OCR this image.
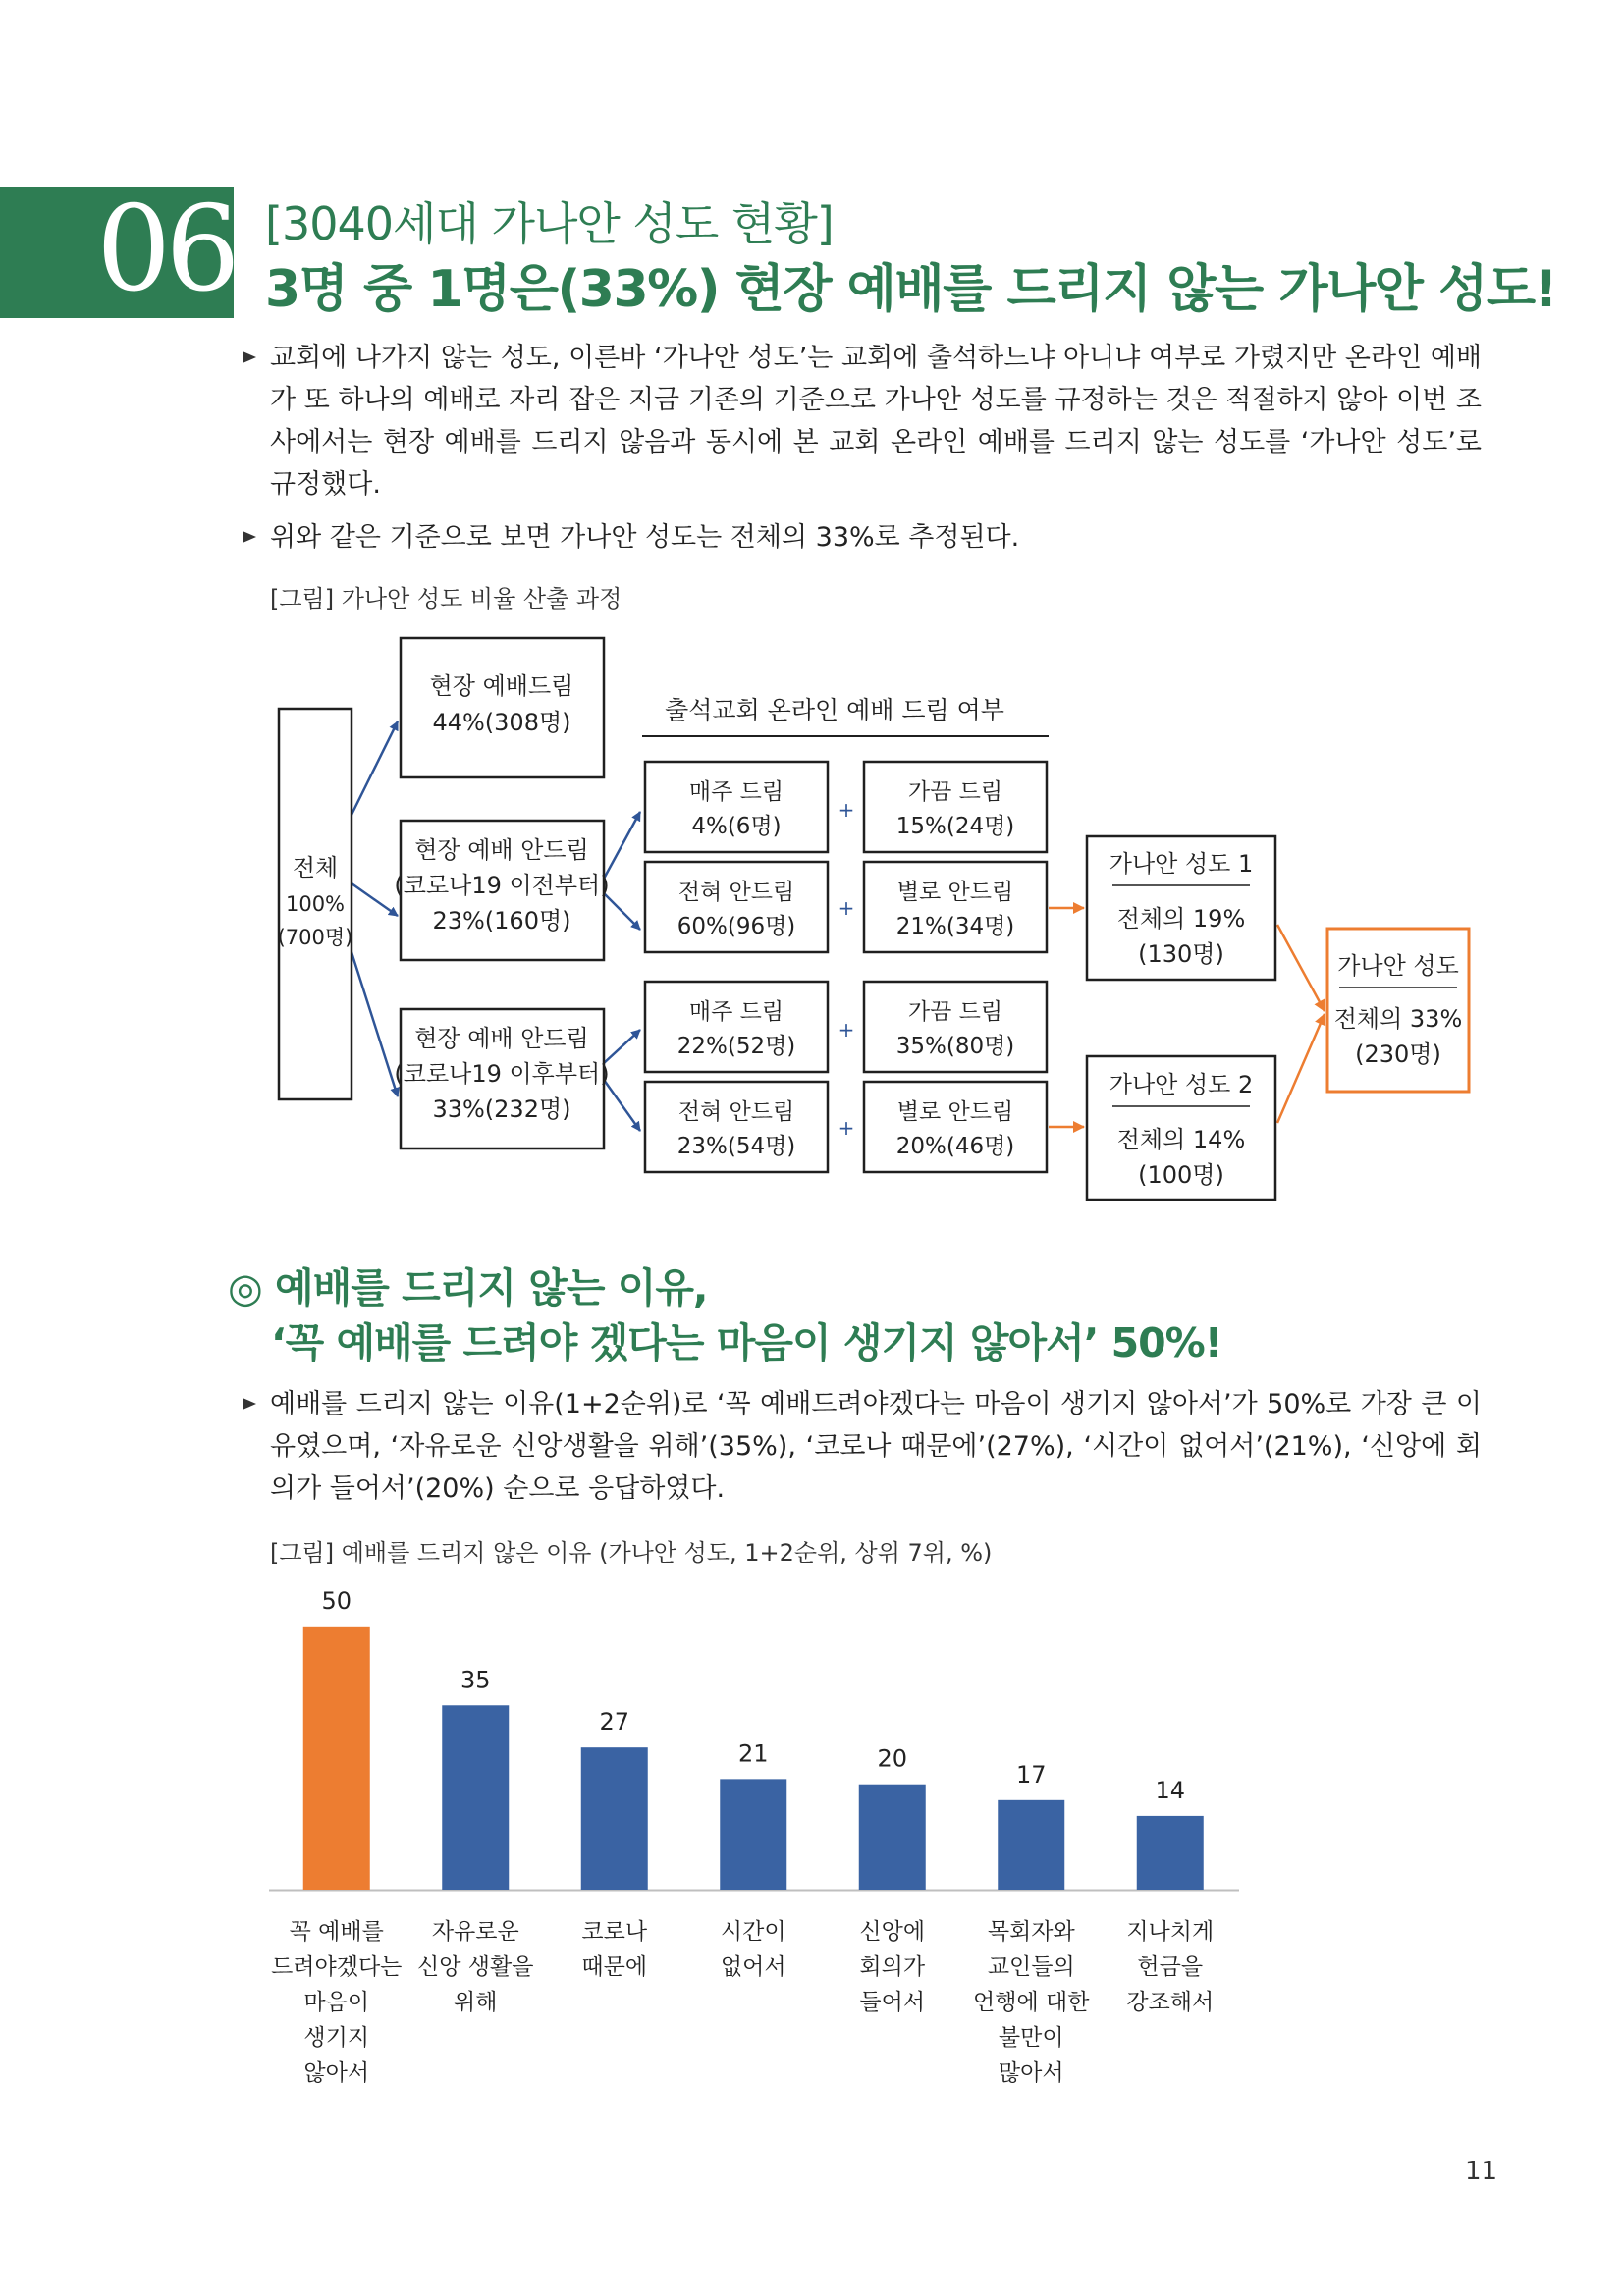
06 [3040세대 가나안 성도 현황]
3명 중 1명은(33%) 현장 예배를 드리지 않는 가나안 성도!
교회에 나가지 않는 성도, 이른바 ‘가나안 성도’는 교회에 출석하느냐 아니냐 여부로 가렸지만 온라인 예배가 또 하나의 예배로 자리 잡은 지금 기존의 기준으로 가나안 성도를 규정하는 것은 적절하지 않아 이번 조사에서는 현장 예배를 드리지 않음과 동시에 본 교회 온라인 예배를 드리지 않는 성도를 ‘가나안 성도’로 규정했다.
위와 같은 기준으로 보면 가나안 성도는 전체의 33%로 추정된다.
[그림] 가나안 성도 비율 산출 과정
출석교회 온라인 예배 드림 여부
전체
100%
(700명)
현장 예배드림
44%(308명)
현장 예배 안드림
(코로나19 이전부터)
23%(160명)
현장 예배 안드림
(코로나19 이후부터)
33%(232명)
매주 드림
4%(6명)
+
가끔 드림
15%(24명)
전혀 안드림
60%(96명)
+
별로 안드림
21%(34명)
매주 드림
22%(52명)
+
가끔 드림
35%(80명)
전혀 안드림
23%(54명)
+
별로 안드림
20%(46명)
가나안 성도 1
전체의 19%
(130명)
가나안 성도 2
전체의 14%
(100명)
가나안 성도
전체의 33%
(230명)
◎ 예배를 드리지 않는 이유,
‘꼭 예배를 드려야 겠다는 마음이 생기지 않아서’ 50%!
예배를 드리지 않는 이유(1+2순위)로 ‘꼭 예배드려야겠다는 마음이 생기지 않아서’가 50%로 가장 큰 이유였으며, ‘자유로운 신앙생활을 위해’(35%), ‘코로나 때문에’(27%), ‘시간이 없어서’(21%), ‘신앙에 회의가 들어서’(20%) 순으로 응답하였다.
[그림] 예배를 드리지 않은 이유 (가나안 성도, 1+2순위, 상위 7위, %)
50
꼭 예배를
드려야겠다는
마음이
생기지
않아서
35
자유로운
신앙 생활을
위해
27
코로나
때문에
21
시간이
없어서
20
신앙에
회의가
들어서
17
목회자와
교인들의
언행에 대한
불만이
많아서
14
지나치게
헌금을
강조해서
11
